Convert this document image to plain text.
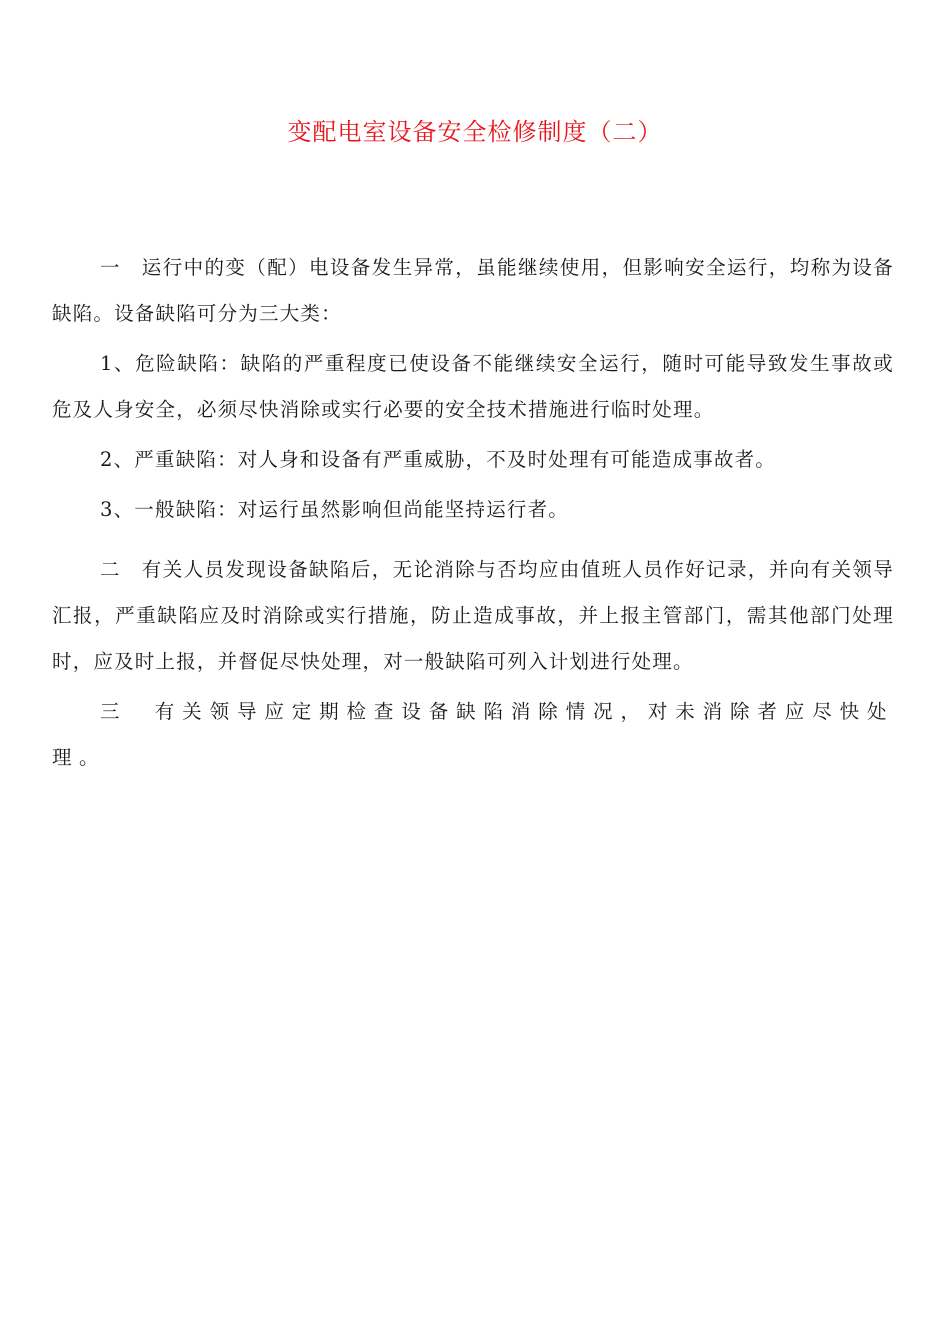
变配电室设备安全检修制度（二）

一　运行中的变（配）电设备发生异常，虽能继续使用，但影响安全运行，均称为设备缺陷。设备缺陷可分为三大类：

1、危险缺陷：缺陷的严重程度已使设备不能继续安全运行，随时可能导致发生事故或危及人身安全，必须尽快消除或实行必要的安全技术措施进行临时处理。

2、严重缺陷：对人身和设备有严重威胁，不及时处理有可能造成事故者。

3、一般缺陷：对运行虽然影响但尚能坚持运行者。

二　有关人员发现设备缺陷后，无论消除与否均应由值班人员作好记录，并向有关领导汇报，严重缺陷应及时消除或实行措施，防止造成事故，并上报主管部门，需其他部门处理时，应及时上报，并督促尽快处理，对一般缺陷可列入计划进行处理。

三　有关领导应定期检查设备缺陷消除情况，对未消除者应尽快处理。
